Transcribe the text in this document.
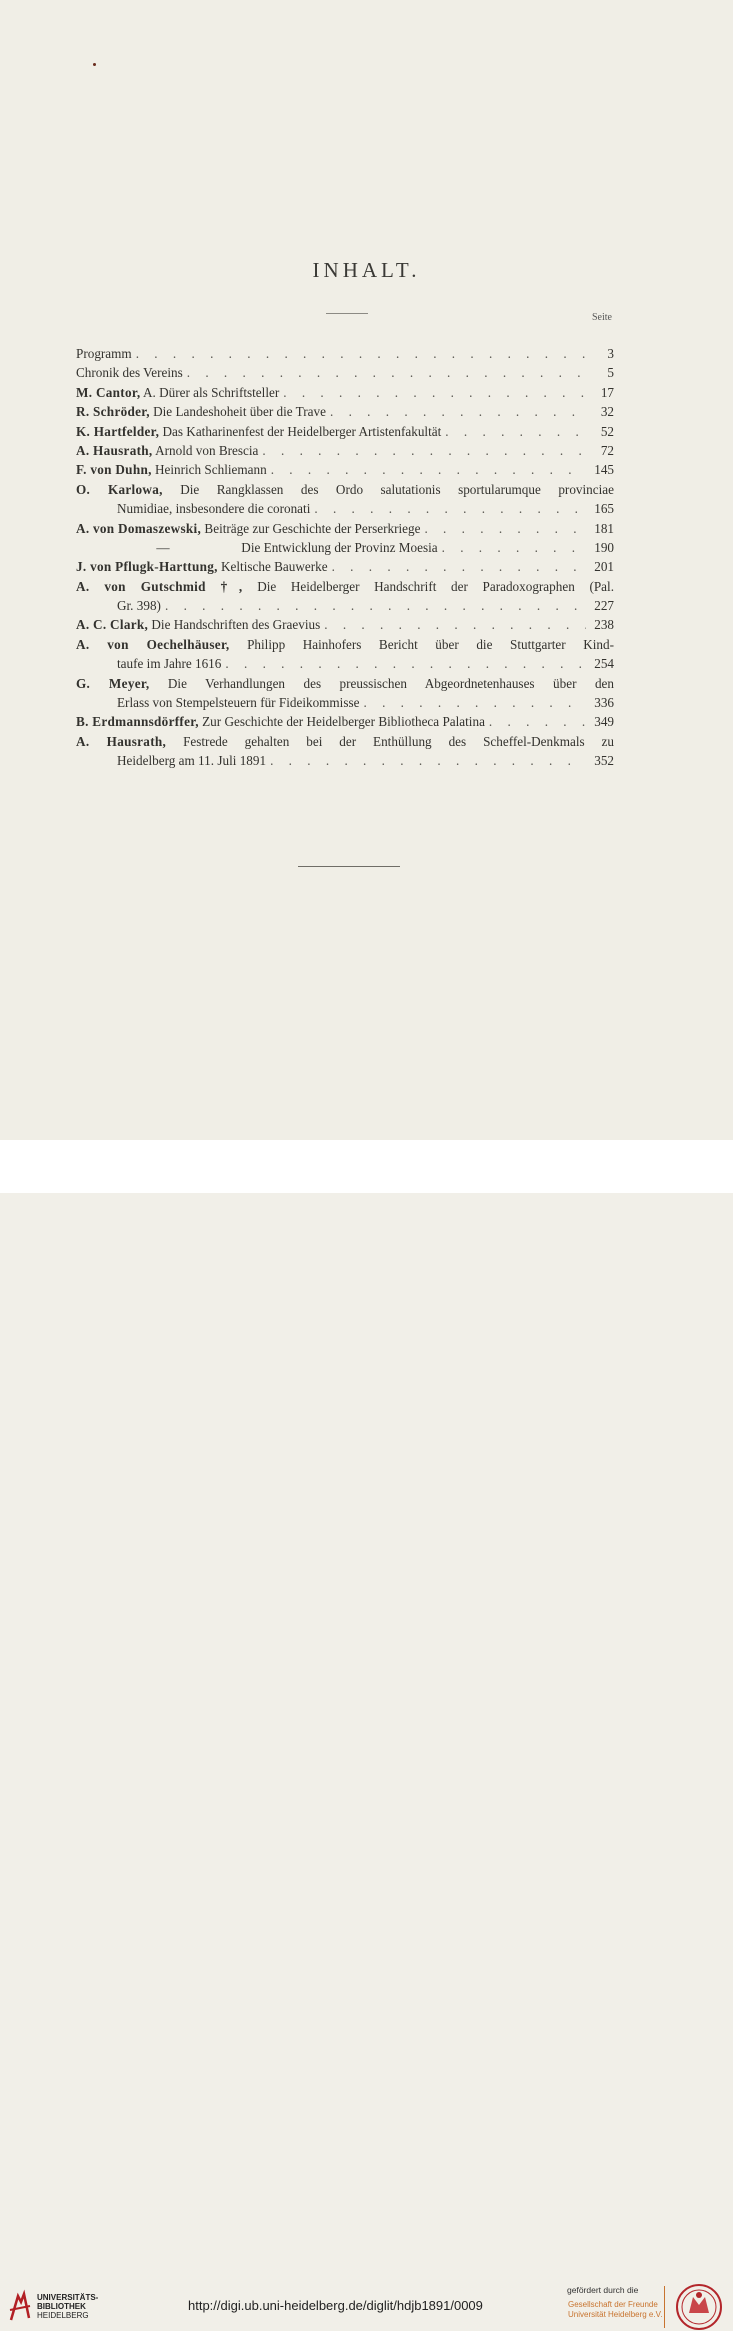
INHALT.
Seite
Programm . . .	3
Chronik des Vereins . . .	5
M. Cantor, A. Dürer als Schriftsteller . . .	17
R. Schröder, Die Landeshoheit über die Trave . . .	32
K. Hartfelder, Das Katharinenfest der Heidelberger Artistenfakultät . . .	52
A. Hausrath, Arnold von Brescia . . .	72
F. von Duhn, Heinrich Schliemann . . .	145
O. Karlowa, Die Rangklassen des Ordo salutationis sportularumque provinciae
Numidiae, insbesondere die coronati . . .	165
A. von Domaszewski, Beiträge zur Geschichte der Perserkriege . . .	181
—	Die Entwicklung der Provinz Moesia . . .	190
J. von Pflugk-Harttung, Keltische Bauwerke . . .	201
A. von Gutschmid †, Die Heidelberger Handschrift der Paradoxographen (Pal.
Gr. 398) . . .	227
A. C. Clark, Die Handschriften des Graevius . . .	238
A. von Oechelhäuser, Philipp Hainhofers Bericht über die Stuttgarter Kind-
taufe im Jahre 1616 . . .	254
G. Meyer, Die Verhandlungen des preussischen Abgeordnetenhauses über den
Erlass von Stempelsteuern für Fideikommisse . . .	336
B. Erdmannsdörffer, Zur Geschichte der Heidelberger Bibliotheca Palatina . . .	349
A. Hausrath, Festrede gehalten bei der Enthüllung des Scheffel-Denkmals zu
Heidelberg am 11. Juli 1891 . . .	352
UNIVERSITÄTS-
BIBLIOTHEK
HEIDELBERG
http://digi.ub.uni-heidelberg.de/diglit/hdjb1891/0009
gefördert durch die
Gesellschaft der Freunde
Universität Heidelberg e.V.
